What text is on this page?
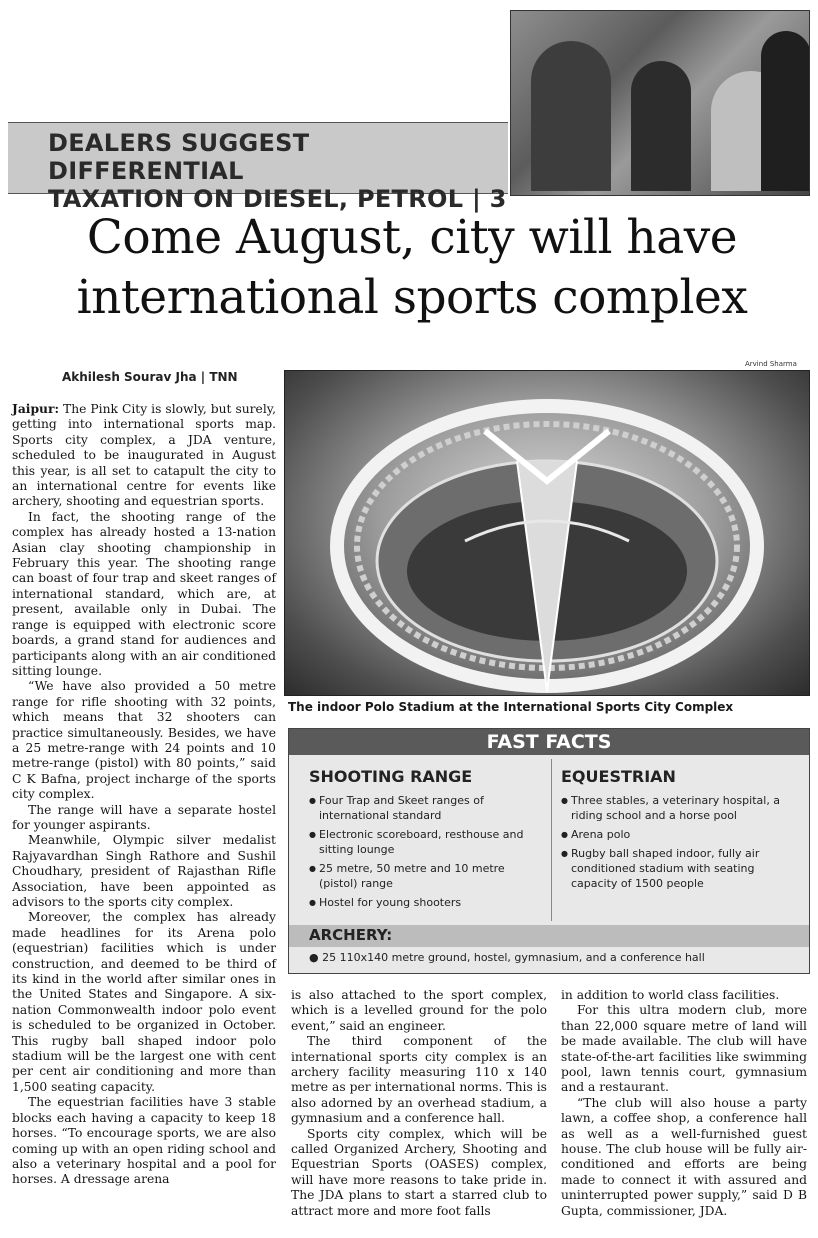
DEALERS SUGGEST DIFFERENTIAL
TAXATION ON DIESEL, PETROL | 3
Come August, city will have
international sports complex
Akhilesh Sourav Jha | TNN

Jaipur: The Pink City is slowly, but surely, getting into international sports map. Sports city complex, a JDA venture, scheduled to be inaugurated in August this year, is all set to catapult the city to an international centre for events like archery, shooting and equestrian sports.

In fact, the shooting range of the complex has already hosted a 13-nation Asian clay shooting championship in February this year. The shooting range can boast of four trap and skeet ranges of international standard, which are, at present, available only in Dubai. The range is equipped with electronic score boards, a grand stand for audiences and participants along with an air conditioned sitting lounge.

“We have also provided a 50 metre range for rifle shooting with 32 points, which means that 32 shooters can practice simultaneously. Besides, we have a 25 metre-range with 24 points and 10 metre-range (pistol) with 80 points,” said C K Bafna, project incharge of the sports city complex.

The range will have a separate hostel for younger aspirants.

Meanwhile, Olympic silver medalist Rajyavardhan Singh Rathore and Sushil Choudhary, president of Rajasthan Rifle Association, have been appointed as advisors to the sports city complex.

Moreover, the complex has already made headlines for its Arena polo (equestrian) facilities which is under construction, and deemed to be third of its kind in the world after similar ones in the United States and Singapore. A six-nation Commonwealth indoor polo event is scheduled to be organized in October. This rugby ball shaped indoor polo stadium will be the largest one with cent per cent air conditioning and more than 1,500 seating capacity.

The equestrian facilities have 3 stable blocks each having a capacity to keep 18 horses. “To encourage sports, we are also coming up with an open riding school and also a veterinary hospital and a pool for horses. A dressage arena

Arvind Sharma
The indoor Polo Stadium at the International Sports City Complex
FAST FACTS
SHOOTING RANGE
● Four Trap and Skeet ranges of international standard
● Electronic scoreboard, resthouse and sitting lounge
● 25 metre, 50 metre and 10 metre (pistol) range
● Hostel for young shooters
EQUESTRIAN
● Three stables, a veterinary hospital, a riding school and a horse pool
● Arena polo
● Rugby ball shaped indoor, fully air conditioned stadium with seating capacity of 1500 people
ARCHERY:
● 25 110x140 metre ground, hostel, gymnasium, and a conference hall

is also attached to the sport complex, which is a levelled ground for the polo event,” said an engineer.

The third component of the international sports city complex is an archery facility measuring 110 x 140 metre as per international norms. This is also adorned by an overhead stadium, a gymnasium and a conference hall.

Sports city complex, which will be called Organized Archery, Shooting and Equestrian Sports (OASES) complex, will have more reasons to take pride in. The JDA plans to start a starred club to attract more and more foot falls

in addition to world class facilities.

For this ultra modern club, more than 22,000 square metre of land will be made available. The club will have state-of-the-art facilities like swimming pool, lawn tennis court, gymnasium and a restaurant.

“The club will also house a party lawn, a coffee shop, a conference hall as well as a well-furnished guest house. The club house will be fully air-conditioned and efforts are being made to connect it with assured and uninterrupted power supply,” said D B Gupta, commissioner, JDA.
